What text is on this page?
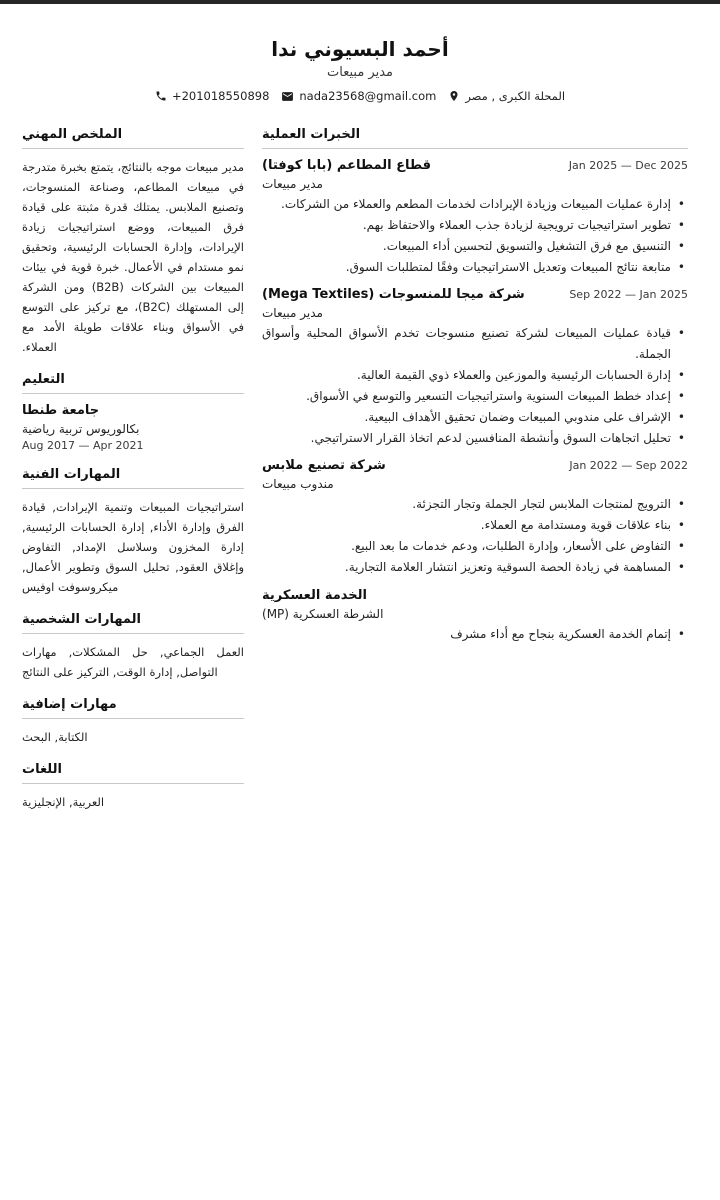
أحمد البسيوني ندا
مدير مبيعات
+201018550898	nada23568@gmail.com	المحلة الكبرى , مصر
الملخص المهني

مدير مبيعات موجه بالنتائج، يتمتع بخبرة متدرجة في مبيعات المطاعم، وصناعة المنسوجات، وتصنيع الملابس. يمتلك قدرة مثبتة على قيادة فرق المبيعات، ووضع استراتيجيات زيادة الإيرادات، وإدارة الحسابات الرئيسية، وتحقيق نمو مستدام في الأعمال. خبرة قوية في بيئات المبيعات بين الشركات (B2B) ومن الشركة إلى المستهلك (B2C)، مع تركيز على التوسع في الأسواق وبناء علاقات طويلة الأمد مع العملاء.

التعليم
جامعة طنطا
بكالوريوس تربية رياضية
Aug 2017 — Apr 2021
المهارات الفنية

استراتيجيات المبيعات وتنمية الإيرادات, قيادة الفرق وإدارة الأداء, إدارة الحسابات الرئيسية, إدارة المخزون وسلاسل الإمداد, التفاوض وإغلاق العقود, تحليل السوق وتطوير الأعمال, ميكروسوفت اوفيس

المهارات الشخصية

العمل الجماعي, حل المشكلات, مهارات التواصل, إدارة الوقت, التركيز على النتائج

مهارات إضافية

الكتابة, البحث

اللغات

العربية, الإنجليزية

الخبرات العملية
قطاع المطاعم (بابا كوفتا)	Jan 2025 — Dec 2025
مدير مبيعات
• إدارة عمليات المبيعات وزيادة الإيرادات لخدمات المطعم والعملاء من الشركات.
• تطوير استراتيجيات ترويجية لزيادة جذب العملاء والاحتفاظ بهم.
• التنسيق مع فرق التشغيل والتسويق لتحسين أداء المبيعات.
• متابعة نتائج المبيعات وتعديل الاستراتيجيات وفقًا لمتطلبات السوق.
شركة ميجا للمنسوجات (Mega Textiles)	Sep 2022 — Jan 2025
مدير مبيعات
• قيادة عمليات المبيعات لشركة تصنيع منسوجات تخدم الأسواق المحلية وأسواق الجملة.
• إدارة الحسابات الرئيسية والموزعين والعملاء ذوي القيمة العالية.
• إعداد خطط المبيعات السنوية واستراتيجيات التسعير والتوسع في الأسواق.
• الإشراف على مندوبي المبيعات وضمان تحقيق الأهداف البيعية.
• تحليل اتجاهات السوق وأنشطة المنافسين لدعم اتخاذ القرار الاستراتيجي.
شركة تصنيع ملابس	Jan 2022 — Sep 2022
مندوب مبيعات
• الترويج لمنتجات الملابس لتجار الجملة وتجار التجزئة.
• بناء علاقات قوية ومستدامة مع العملاء.
• التفاوض على الأسعار، وإدارة الطلبات، ودعم خدمات ما بعد البيع.
• المساهمة في زيادة الحصة السوقية وتعزيز انتشار العلامة التجارية.
الخدمة العسكرية
الشرطة العسكرية (MP)
• إتمام الخدمة العسكرية بنجاح مع أداء مشرف
